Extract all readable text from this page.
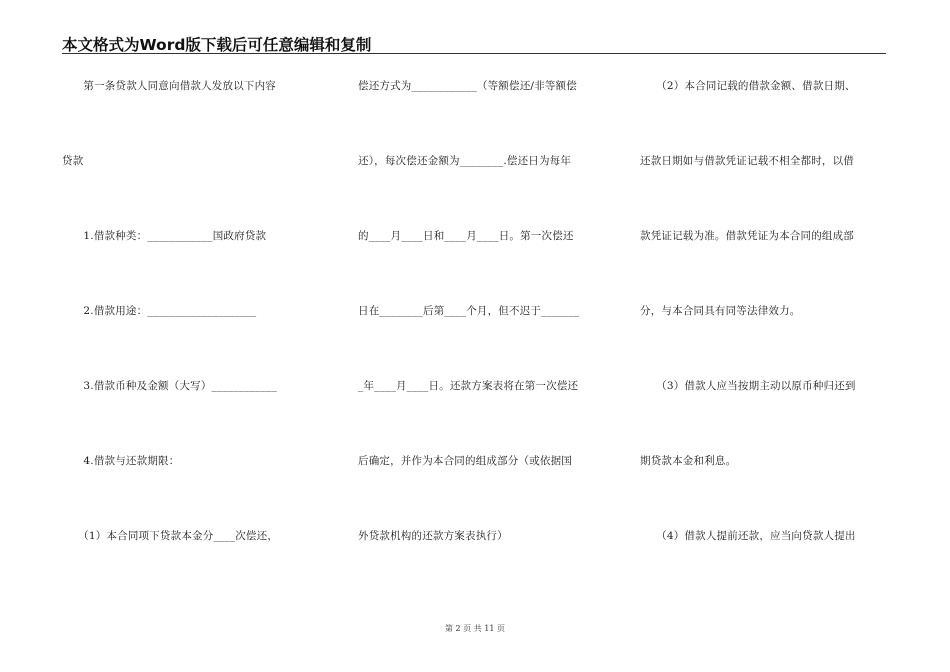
本文格式为Word版下载后可任意编辑和复制
　　第一条贷款人同意向借款人发放以下内容
贷款
　　1.借款种类：____________国政府贷款
　　2.借款用途：____________________
　　3.借款币种及金额（大写）____________
　　4.借款与还款期限：
　　（1）本合同项下贷款本金分____次偿还，
偿还方式为____________（等额偿还/非等额偿
还），每次偿还金额为________.偿还日为每年
的____月____日和____月____日。第一次偿还
日在________后第____个月，但不迟于_______
_年____月____日。还款方案表将在第一次偿还
后确定，并作为本合同的组成部分（或依据国
外贷款机构的还款方案表执行）
　　（2）本合同记载的借款金额、借款日期、
还款日期如与借款凭证记载不相全都时，以借
款凭证记载为准。借款凭证为本合同的组成部
分，与本合同具有同等法律效力。
　　（3）借款人应当按期主动以原币种归还到
期贷款本金和利息。
　　（4）借款人提前还款，应当向贷款人提出
第 2 页 共 11 页
